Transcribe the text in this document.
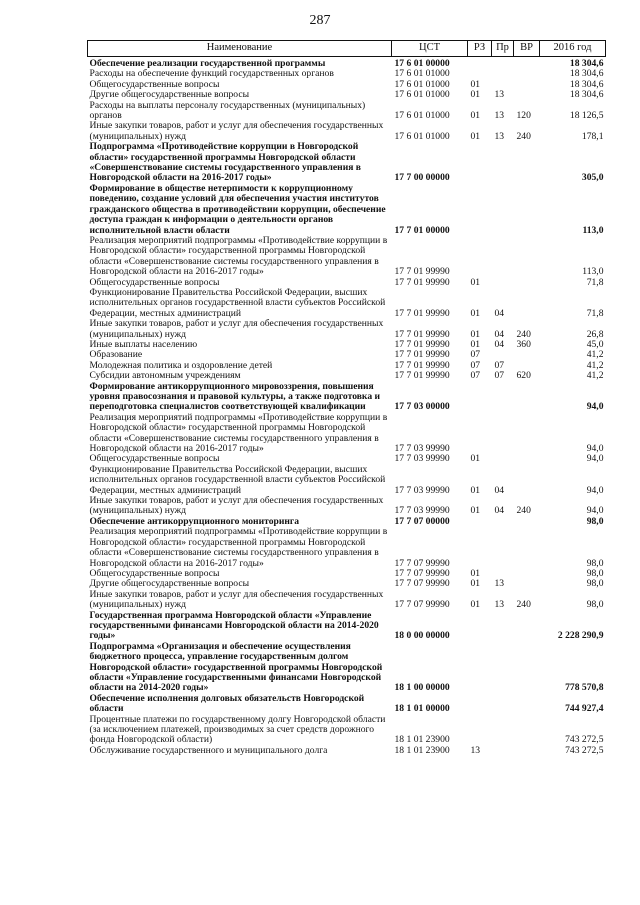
287
Наименование	ЦСТ	РЗ	Пр	ВР	2016 год
Обеспечение реализации государственной программы	17 6 01 00000				18 304,6
Расходы на обеспечение функций государственных органов	17 6 01 01000				18 304,6
Общегосударственные вопросы	17 6 01 01000	01			18 304,6
Другие общегосударственные вопросы	17 6 01 01000	01	13		18 304,6
Расходы на выплаты персоналу государственных (муниципальных) органов	17 6 01 01000	01	13	120	18 126,5
Иные закупки товаров, работ и услуг для обеспечения государственных (муниципальных) нужд	17 6 01 01000	01	13	240	178,1
Подпрограмма «Противодействие коррупции в Новгородской области» государственной программы Новгородской области «Совершенствование системы государственного управления в Новгородской области на 2016-2017 годы»	17 7 00 00000				305,0
Формирование в обществе нетерпимости к коррупционному поведению, создание условий для обеспечения участия институтов гражданского общества в противодействии коррупции, обеспечение доступа граждан к информации о деятельности органов исполнительной власти области	17 7 01 00000				113,0
Реализация мероприятий подпрограммы «Противодействие коррупции в Новгородской области» государственной программы Новгородской области «Совершенствование системы государственного управления в Новгородской области на 2016-2017 годы»	17 7 01 99990				113,0
Общегосударственные вопросы	17 7 01 99990	01			71,8
Функционирование Правительства Российской Федерации, высших исполнительных органов государственной власти субъектов Российской Федерации, местных администраций	17 7 01 99990	01	04		71,8
Иные закупки товаров, работ и услуг для обеспечения государственных (муниципальных) нужд	17 7 01 99990	01	04	240	26,8
Иные выплаты населению	17 7 01 99990	01	04	360	45,0
Образование	17 7 01 99990	07			41,2
Молодежная политика и оздоровление детей	17 7 01 99990	07	07		41,2
Субсидии автономным учреждениям	17 7 01 99990	07	07	620	41,2
Формирование антикоррупционного мировоззрения, повышения уровня правосознания и правовой культуры, а также подготовка и переподготовка специалистов соответствующей квалификации	17 7 03 00000				94,0
Реализация мероприятий подпрограммы «Противодействие коррупции в Новгородской области» государственной программы Новгородской области «Совершенствование системы государственного управления в Новгородской области на 2016-2017 годы»	17 7 03 99990				94,0
Общегосударственные вопросы	17 7 03 99990	01			94,0
Функционирование Правительства Российской Федерации, высших исполнительных органов государственной власти субъектов Российской Федерации, местных администраций	17 7 03 99990	01	04		94,0
Иные закупки товаров, работ и услуг для обеспечения государственных (муниципальных) нужд	17 7 03 99990	01	04	240	94,0
Обеспечение антикоррупционного мониторинга	17 7 07 00000				98,0
Реализация мероприятий подпрограммы «Противодействие коррупции в Новгородской области» государственной программы Новгородской области «Совершенствование системы государственного управления в Новгородской области на 2016-2017 годы»	17 7 07 99990				98,0
Общегосударственные вопросы	17 7 07 99990	01			98,0
Другие общегосударственные вопросы	17 7 07 99990	01	13		98,0
Иные закупки товаров, работ и услуг для обеспечения государственных (муниципальных) нужд	17 7 07 99990	01	13	240	98,0
Государственная программа Новгородской области «Управление государственными финансами Новгородской области на 2014-2020 годы»	18 0 00 00000				2 228 290,9
Подпрограмма «Организация и обеспечение осуществления бюджетного процесса, управление государственным долгом Новгородской области» государственной программы Новгородской области «Управление государственными финансами Новгородской области на 2014-2020 годы»	18 1 00 00000				778 570,8
Обеспечение исполнения долговых обязательств Новгородской области	18 1 01 00000				744 927,4
Процентные платежи по государственному долгу Новгородской области (за исключением платежей, производимых за счет средств дорожного фонда Новгородской области)	18 1 01 23900				743 272,5
Обслуживание государственного и муниципального долга	18 1 01 23900	13			743 272,5
